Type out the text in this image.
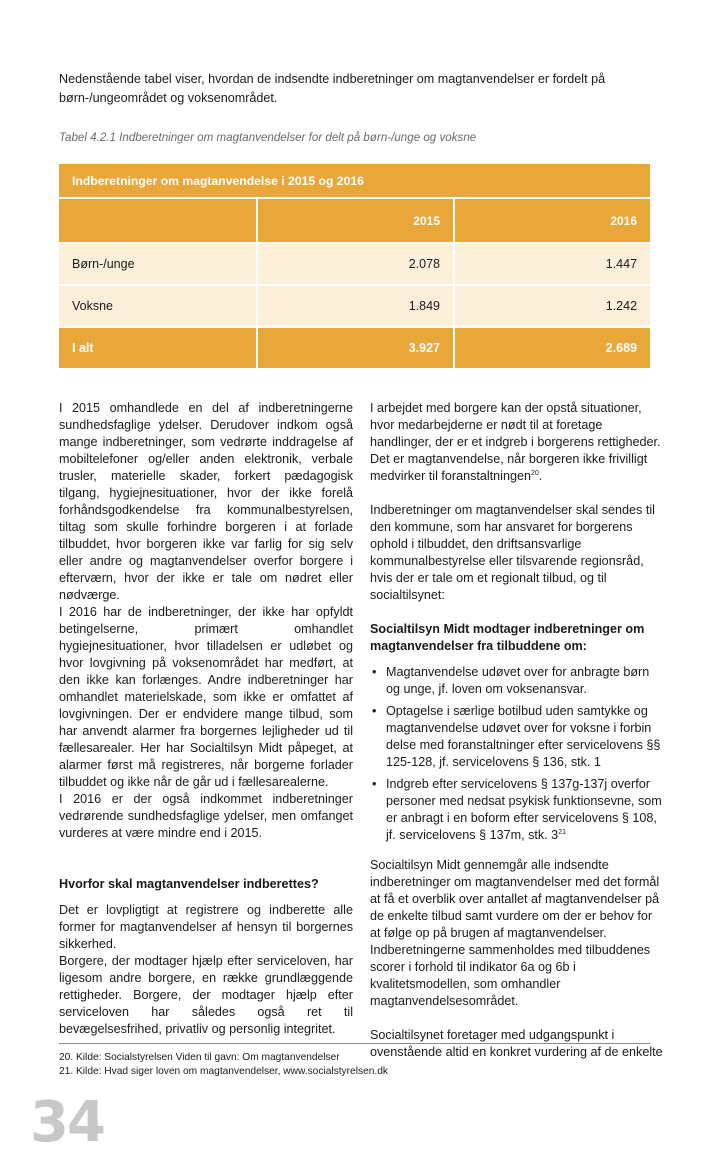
Nedenstående tabel viser, hvordan de indsendte indberetninger om magtanvendelser er fordelt på børn-/ungeområdet og voksenområdet.

Tabel 4.2.1 Indberetninger om magtanvendelser for delt på børn-/unge og voksne

Indberetninger om magtanvendelse i 2015 og 2016		
	2015	2016
Børn-/unge	2.078	1.447
Voksne	1.849	1.242
I alt	3.927	2.689

I 2015 omhandlede en del af indberetningerne sundhedsfaglige ydelser. Derudover indkom også mange indberetninger, som vedrørte inddragelse af mobiltelefoner og/eller anden elektronik, verbale trusler, materielle skader, forkert pædagogisk tilgang, hygiejnesituationer, hvor der ikke forelå forhåndsgodkendelse fra kommunalbestyrelsen, tiltag som skulle forhindre borgeren i at forlade tilbuddet, hvor borgeren ikke var farlig for sig selv eller andre og magtanvendelser overfor borgere i efterværn, hvor der ikke er tale om nødret eller nødværge.

I 2016 har de indberetninger, der ikke har opfyldt betingelserne, primært omhandlet hygiejnesituationer, hvor tilladelsen er udløbet og hvor lovgivning på voksenområdet har medført, at den ikke kan forlænges. Andre indberetninger har omhandlet materielskade, som ikke er omfattet af lovgivningen. Der er endvidere mange tilbud, som har anvendt alarmer fra borgernes lejligheder ud til fællesarealer. Her har Socialtilsyn Midt påpeget, at alarmer først må registreres, når borgerne forlader tilbuddet og ikke når de går ud i fællesarealerne.

I 2016 er der også indkommet indberetninger vedrørende sundhedsfaglige ydelser, men omfanget vurderes at være mindre end i 2015.

Hvorfor skal magtanvendelser indberettes?

Det er lovpligtigt at registrere og indberette alle former for magtanvendelser af hensyn til borgernes sikkerhed.

Borgere, der modtager hjælp efter serviceloven, har ligesom andre borgere, en række grundlæggende rettigheder. Borgere, der modtager hjælp efter serviceloven har således også ret til bevægelsesfrihed, privatliv og personlig integritet.

I arbejdet med borgere kan der opstå situationer, hvor medarbejderne er nødt til at foretage handlinger, der er et indgreb i borgerens rettigheder. Det er magtanvendelse, når borgeren ikke frivilligt medvirker til foranstaltningen$^{20}$.

Indberetninger om magtanvendelser skal sendes til den kommune, som har ansvaret for borgerens ophold i tilbuddet, den driftsansvarlige kommunalbestyrelse eller tilsvarende regionsråd, hvis der er tale om et regionalt tilbud, og til socialtilsynet:

Socialtilsyn Midt modtager indberetninger om magtanvendelser fra tilbuddene om:
• Magtanvendelse udøvet over for anbragte børn og unge, jf. loven om voksenansvar.
• Optagelse i særlige botilbud uden samtykke og magtanvendelse udøvet over for voksne i forbin delse med foranstaltninger efter servicelovens §§ 125-128, jf. servicelovens § 136, stk. 1
• Indgreb efter servicelovens § 137g-137j overfor personer med nedsat psykisk funktionsevne, som er anbragt i en boform efter servicelovens § 108, jf. servicelovens § 137m, stk. $3^{21}$

Socialtilsyn Midt gennemgår alle indsendte indberetninger om magtanvendelser med det formål at få et overblik over antallet af magtanvendelser på de enkelte tilbud samt vurdere om der er behov for at følge op på brugen af magtanvendelser. Indberetningerne sammenholdes med tilbuddenes scorer i forhold til indikator 6a og 6b i kvalitetsmodellen, som omhandler magtanvendelsesområdet.

Socialtilsynet foretager med udgangspunkt i ovenstående altid en konkret vurdering af de enkelte

20. Kilde: Socialstyrelsen Viden til gavn: Om magtanvendelser

21. Kilde: Hvad siger loven om magtanvendelser, www.socialstyrelsen.dk

34
